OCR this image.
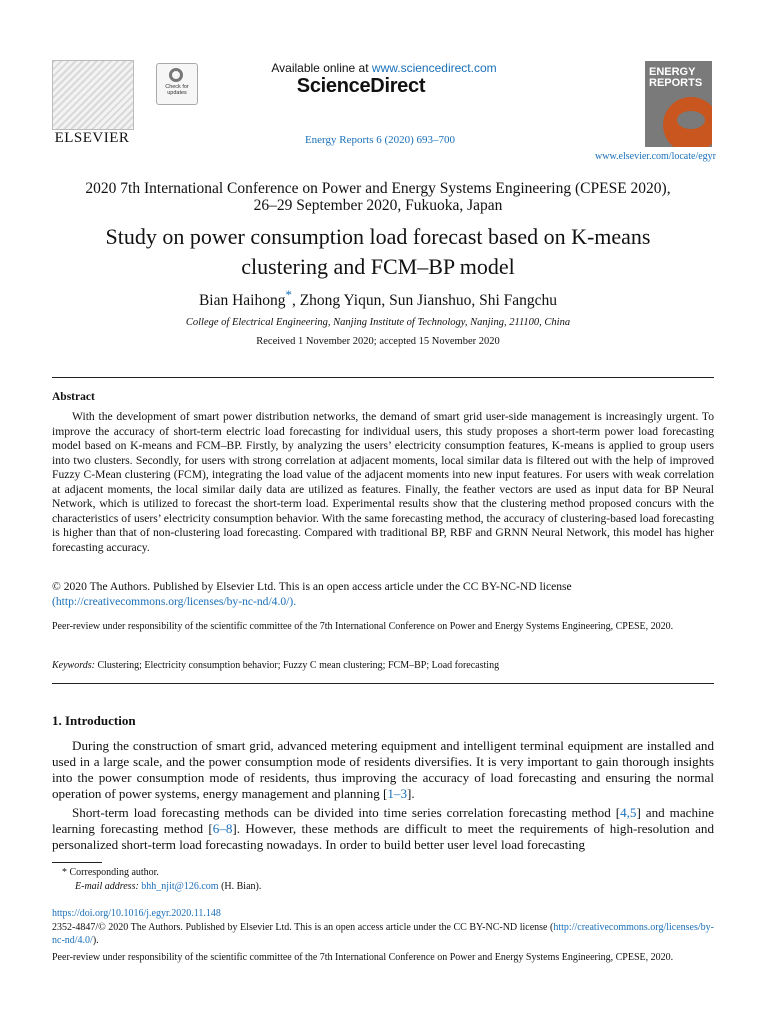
ELSEVIER
Check for updates
Available online at www.sciencedirect.com
ScienceDirect
Energy Reports 6 (2020) 693–700
ENERGY REPORTS
www.elsevier.com/locate/egyr
2020 7th International Conference on Power and Energy Systems Engineering (CPESE 2020),
26–29 September 2020, Fukuoka, Japan
Study on power consumption load forecast based on K-means
clustering and FCM–BP model
Bian Haihong*, Zhong Yiqun, Sun Jianshuo, Shi Fangchu
College of Electrical Engineering, Nanjing Institute of Technology, Nanjing, 211100, China
Received 1 November 2020; accepted 15 November 2020
Abstract

With the development of smart power distribution networks, the demand of smart grid user-side management is increasingly urgent. To improve the accuracy of short-term electric load forecasting for individual users, this study proposes a short-term power load forecasting model based on K-means and FCM–BP. Firstly, by analyzing the users’ electricity consumption features, K-means is applied to group users into two clusters. Secondly, for users with strong correlation at adjacent moments, local similar data is filtered out with the help of improved Fuzzy C-Mean clustering (FCM), integrating the load value of the adjacent moments into new input features. For users with weak correlation at adjacent moments, the local similar daily data are utilized as features. Finally, the feather vectors are used as input data for BP Neural Network, which is utilized to forecast the short-term load. Experimental results show that the clustering method proposed concurs with the characteristics of users’ electricity consumption behavior. With the same forecasting method, the accuracy of clustering-based load forecasting is higher than that of non-clustering load forecasting. Compared with traditional BP, RBF and GRNN Neural Network, this model has higher forecasting accuracy.

© 2020 The Authors. Published by Elsevier Ltd. This is an open access article under the CC BY-NC-ND license
(http://creativecommons.org/licenses/by-nc-nd/4.0/).
Peer-review under responsibility of the scientific committee of the 7th International Conference on Power and Energy Systems Engineering, CPESE, 2020.
Keywords: Clustering; Electricity consumption behavior; Fuzzy C mean clustering; FCM–BP; Load forecasting
1. Introduction

During the construction of smart grid, advanced metering equipment and intelligent terminal equipment are installed and used in a large scale, and the power consumption mode of residents diversifies. It is very important to gain thorough insights into the power consumption mode of residents, thus improving the accuracy of load forecasting and ensuring the normal operation of power systems, energy management and planning [1–3].

Short-term load forecasting methods can be divided into time series correlation forecasting method [4,5] and machine learning forecasting method [6–8]. However, these methods are difficult to meet the requirements of high-resolution and personalized short-term load forecasting nowadays. In order to build better user level load forecasting

* Corresponding author.
E-mail address: bhh_njit@126.com (H. Bian).
https://doi.org/10.1016/j.egyr.2020.11.148
2352-4847/© 2020 The Authors. Published by Elsevier Ltd. This is an open access article under the CC BY-NC-ND license (http://creativecommons.org/licenses/by-nc-nd/4.0/).
Peer-review under responsibility of the scientific committee of the 7th International Conference on Power and Energy Systems Engineering, CPESE, 2020.
